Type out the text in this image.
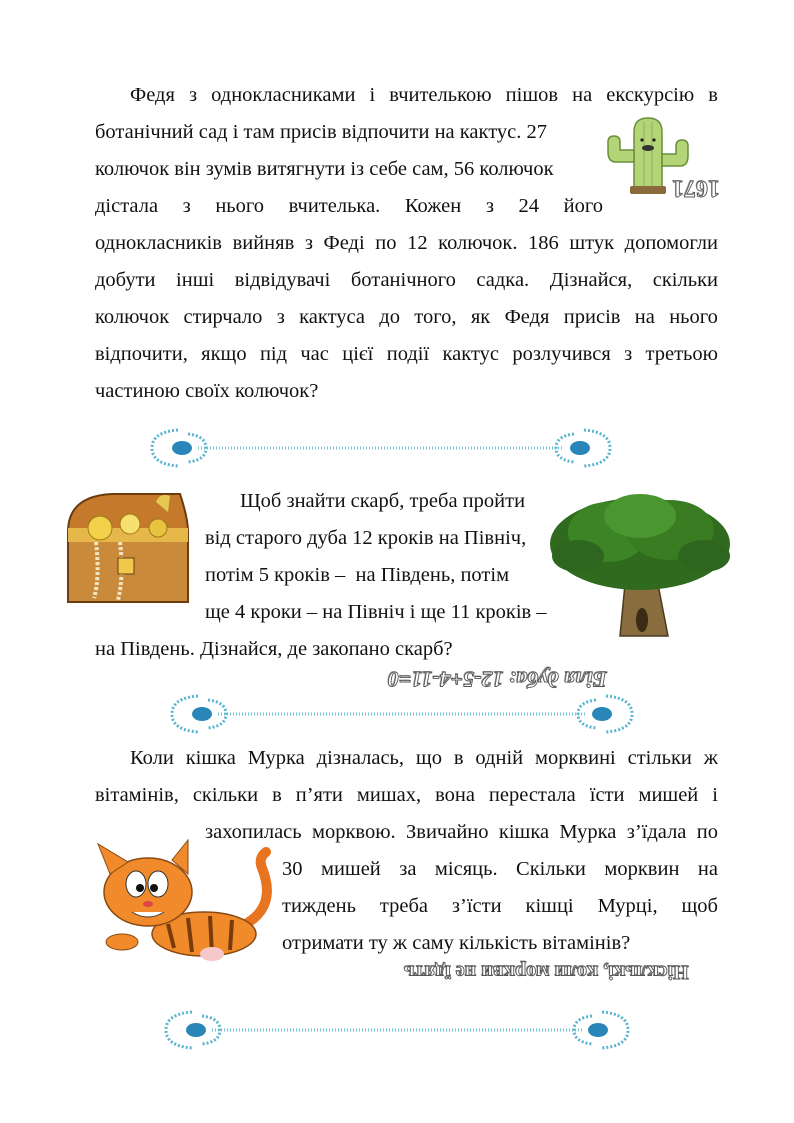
Федя з однокласниками і вчителькою пішов на екскурсію в
ботанічний сад і там присів відпочити на кактус. 27
колючок він зумів витягнути із себе сам, 56 колючок
дістала з нього вчителька. Кожен з 24 його
однокласників вийняв з Феді по 12 колючок. 186 штук допомогли
добути інші відвідувачі ботанічного садка. Дізнайся, скільки
колючок стирчало з кактуса до того, як Федя присів на нього
відпочити, якщо під час цієї події кактус розлучився з третьою
частиною своїх колючок?
1671
Щоб знайти скарб, треба пройти
від старого дуба 12 кроків на Північ,
потім 5 кроків –  на Південь, потім
ще 4 кроки – на Північ і ще 11 кроків –
на Південь. Дізнайся, де закопано скарб?
Біля дуба: 12-5+4-11=0
Коли кішка Мурка дізналась, що в одній морквині стільки ж
вітамінів, скільки в п’яти мишах, вона перестала їсти мишей і
захопилась морквою. Звичайно кішка Мурка з’їдала по
30 мишей за місяць. Скільки морквин на
тиждень треба з’їсти кішці Мурці, щоб
отримати ту ж саму кількість вітамінів?
Нісклькі, коли моркви не їдять
